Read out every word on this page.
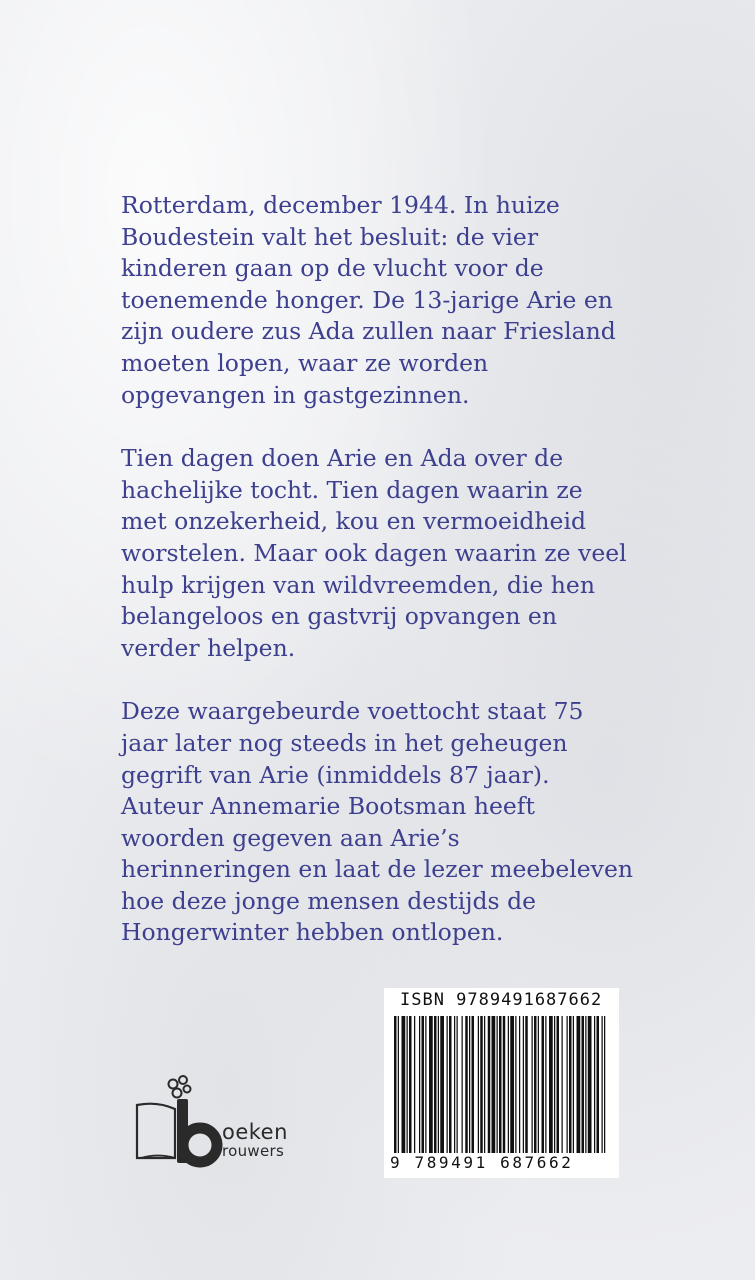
Rotterdam, december 1944. In huize
Boudestein valt het besluit: de vier
kinderen gaan op de vlucht voor de
toenemende honger. De 13-jarige Arie en
zijn oudere zus Ada zullen naar Friesland
moeten lopen, waar ze worden
opgevangen in gastgezinnen.

Tien dagen doen Arie en Ada over de
hachelijke tocht. Tien dagen waarin ze
met onzekerheid, kou en vermoeidheid
worstelen. Maar ook dagen waarin ze veel
hulp krijgen van wildvreemden, die hen
belangeloos en gastvrij opvangen en
verder helpen.

Deze waargebeurde voettocht staat 75
jaar later nog steeds in het geheugen
gegrift van Arie (inmiddels 87 jaar).
Auteur Annemarie Bootsman heeft
woorden gegeven aan Arie’s
herinneringen en laat de lezer meebeleven
hoe deze jonge mensen destijds de
Hongerwinter hebben ontlopen.

oeken
rouwers
ISBN 9789491687662
9 789491 687662
